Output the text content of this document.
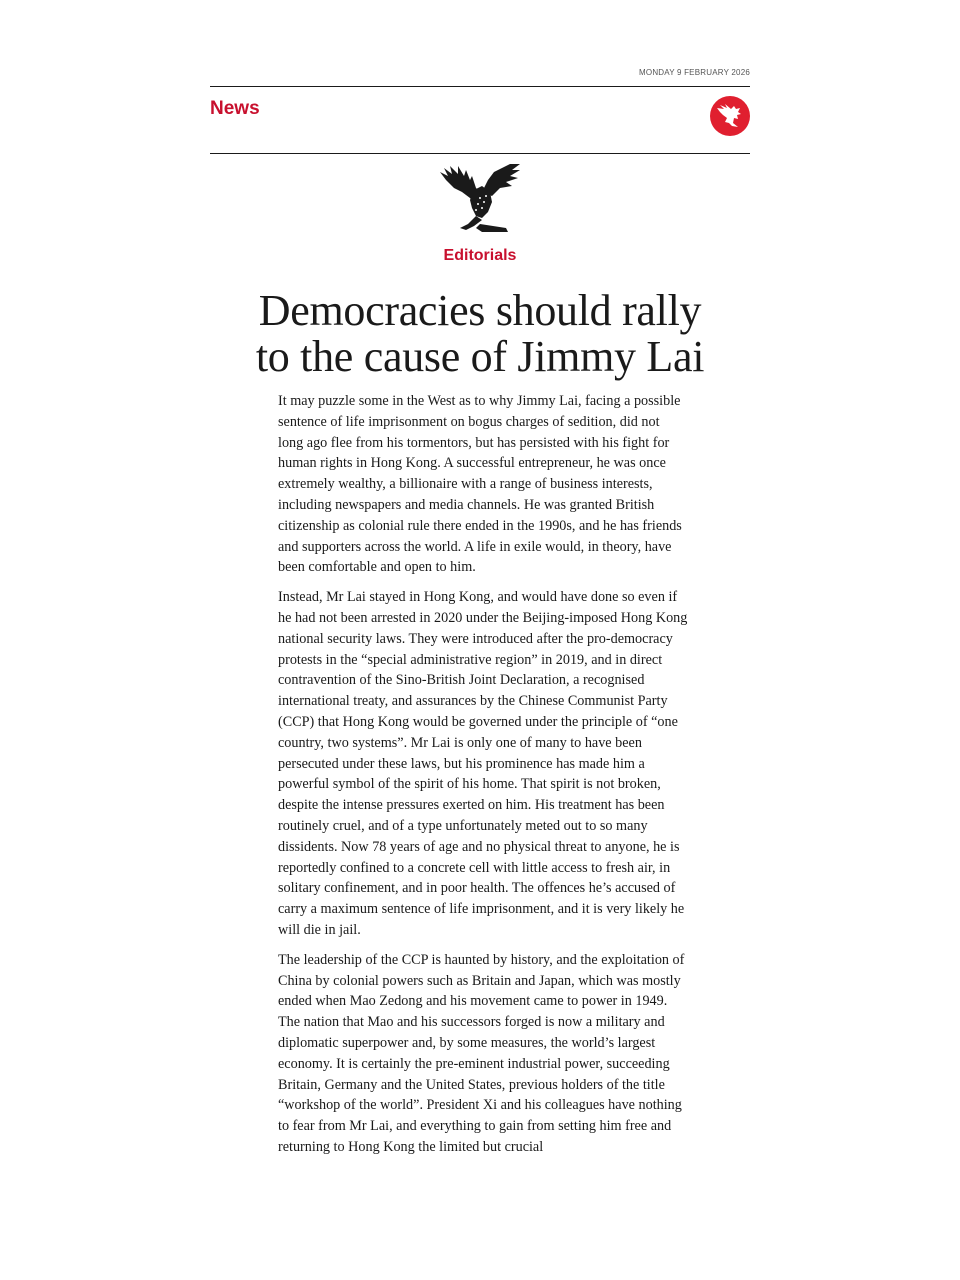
MONDAY 9 FEBRUARY 2026
News
Editorials
Democracies should rally
to the cause of Jimmy Lai

It may puzzle some in the West as to why Jimmy Lai, facing a possible sentence of life imprisonment on bogus charges of sedition, did not long ago flee from his tormentors, but has persisted with his fight for human rights in Hong Kong. A successful entrepreneur, he was once extremely wealthy, a billionaire with a range of business interests, including newspapers and media channels. He was granted British citizenship as colonial rule there ended in the 1990s, and he has friends and supporters across the world. A life in exile would, in theory, have been comfortable and open to him.

Instead, Mr Lai stayed in Hong Kong, and would have done so even if he had not been arrested in 2020 under the Beijing-imposed Hong Kong national security laws. They were introduced after the pro-democracy protests in the “special administrative region” in 2019, and in direct contravention of the Sino-British Joint Declaration, a recognised international treaty, and assurances by the Chinese Communist Party (CCP) that Hong Kong would be governed under the principle of “one country, two systems”. Mr Lai is only one of many to have been persecuted under these laws, but his prominence has made him a powerful symbol of the spirit of his home. That spirit is not broken, despite the intense pressures exerted on him. His treatment has been routinely cruel, and of a type unfortunately meted out to so many dissidents. Now 78 years of age and no physical threat to anyone, he is reportedly confined to a concrete cell with little access to fresh air, in solitary confinement, and in poor health. The offences he’s accused of carry a maximum sentence of life imprisonment, and it is very likely he will die in jail.

The leadership of the CCP is haunted by history, and the exploitation of China by colonial powers such as Britain and Japan, which was mostly ended when Mao Zedong and his movement came to power in 1949. The nation that Mao and his successors forged is now a military and diplomatic superpower and, by some measures, the world’s largest economy. It is certainly the pre-eminent industrial power, succeeding Britain, Germany and the United States, previous holders of the title “workshop of the world”. President Xi and his colleagues have nothing to fear from Mr Lai, and everything to gain from setting him free and returning to Hong Kong the limited but crucial
